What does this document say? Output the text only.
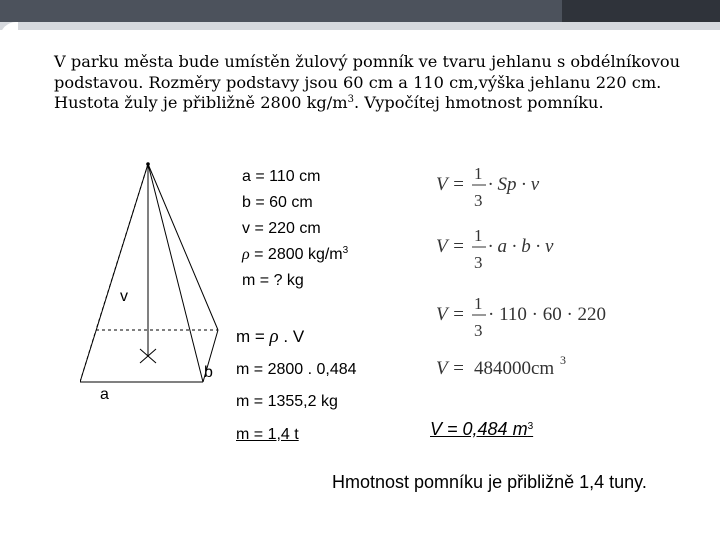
V parku města bude umístěn žulový pomník ve tvaru jehlanu s obdélníkovou podstavou. Rozměry podstavy jsou 60 cm a 110 cm,výška jehlanu 220 cm. Hustota žuly je přibližně 2800 $kg/m^3$. Vypočítej hmotnost pomníku.

v

b

a

a = 110 cm

b = 60 cm

v = 220 cm

ρ = 2800 $kg/m^3$

m = ? kg

m = ρ . V

m = 2800 . 0,484

m = 1355,2 kg

m = 1,4 t

V =
1
3
· Sp · v
V =
1
3
· a · b · v
V =
1
3
· 110 · 60 · 220
V = 484000cm 3

V = 0,484 $m^3$

Hmotnost pomníku je přibližně 1,4 tuny.
